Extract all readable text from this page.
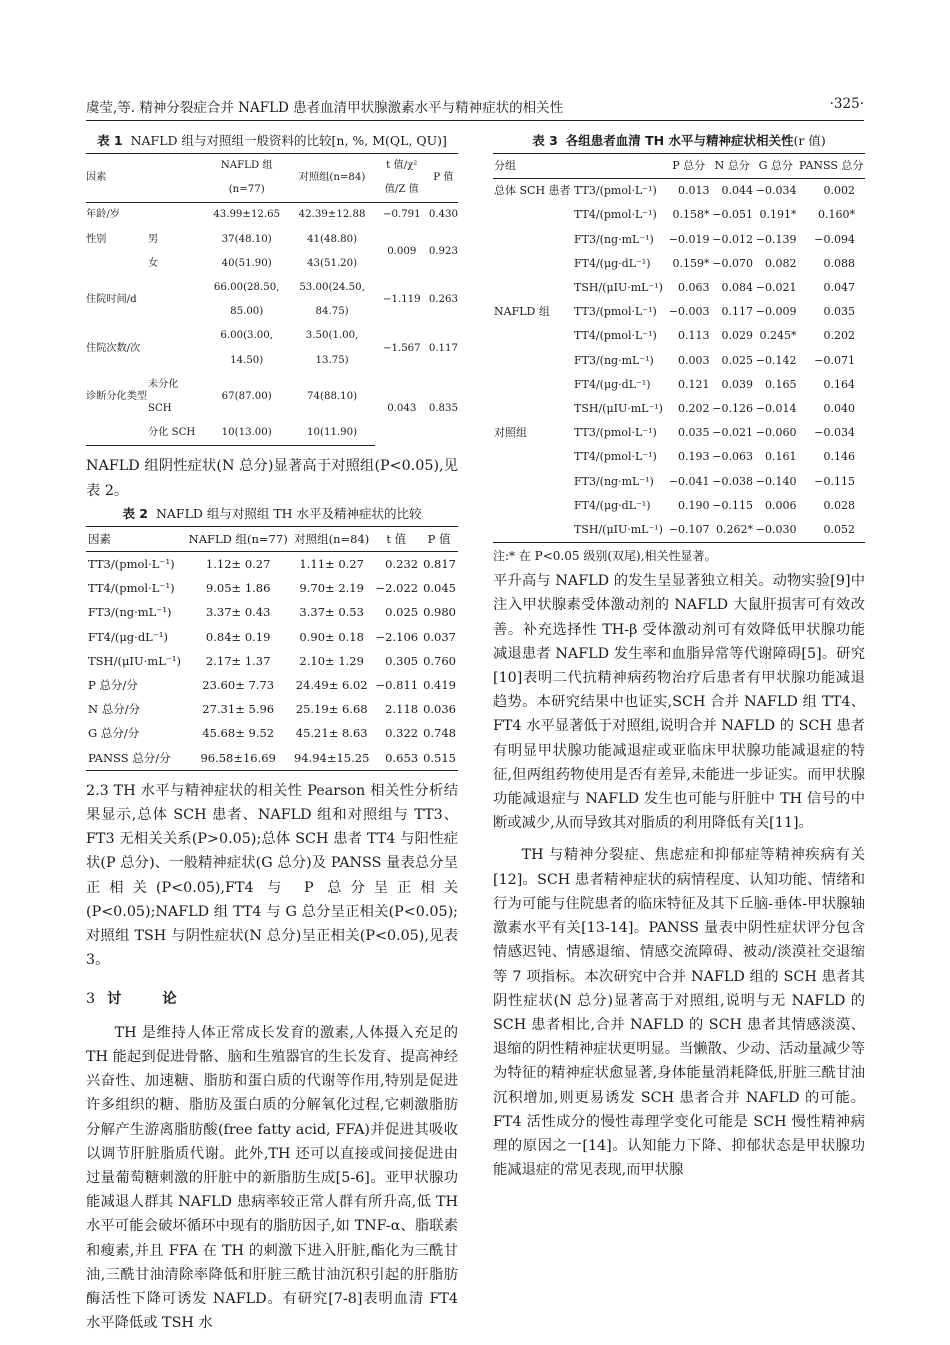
虞莹,等. 精神分裂症合并 NAFLD 患者血清甲状腺激素水平与精神症状的相关性	·325·
表 1 NAFLD 组与对照组一般资料的比较[n, %, M(QL, QU)]
因素		NAFLD 组(n=77)	对照组(n=84)	t 值/χ² 值/Z 值	P 值
年龄/岁		43.99±12.65	42.39±12.88	−0.791	0.430
性别	男	37(48.10)	41(48.80)	0.009	0.923
	女	40(51.90)	43(51.20)		
住院时间/d		66.00(28.50, 85.00)	53.00(24.50, 84.75)	−1.119	0.263
住院次数/次		6.00(3.00, 14.50)	3.50(1.00, 13.75)	−1.567	0.117
诊断分化类型	未分化 SCH	67(87.00)	74(88.10)	0.043	0.835
	分化 SCH	10(13.00)	10(11.90)		

NAFLD 组阴性症状(N 总分)显著高于对照组(P<0.05),见表 2。

表 2 NAFLD 组与对照组 TH 水平及精神症状的比较
因素	NAFLD 组(n=77)	对照组(n=84)	t 值	P 值
TT3/(pmol·L⁻¹)	1.12± 0.27	1.11± 0.27	0.232	0.817
TT4/(pmol·L⁻¹)	9.05± 1.86	9.70± 2.19	−2.022	0.045
FT3/(ng·mL⁻¹)	3.37± 0.43	3.37± 0.53	0.025	0.980
FT4/(μg·dL⁻¹)	0.84± 0.19	0.90± 0.18	−2.106	0.037
TSH/(μIU·mL⁻¹)	2.17± 1.37	2.10± 1.29	0.305	0.760
P 总分/分	23.60± 7.73	24.49± 6.02	−0.811	0.419
N 总分/分	27.31± 5.96	25.19± 6.68	2.118	0.036
G 总分/分	45.68± 9.52	45.21± 8.63	0.322	0.748
PANSS 总分/分	96.58±16.69	94.94±15.25	0.653	0.515

2.3 TH 水平与精神症状的相关性 Pearson 相关性分析结果显示,总体 SCH 患者、NAFLD 组和对照组与 TT3、FT3 无相关关系(P>0.05);总体 SCH 患者 TT4 与阳性症状(P 总分)、一般精神症状(G 总分)及 PANSS 量表总分呈正相关(P<0.05),FT4 与 P 总分呈正相关(P<0.05);NAFLD 组 TT4 与 G 总分呈正相关(P<0.05);对照组 TSH 与阴性症状(N 总分)呈正相关(P<0.05),见表 3。

3 讨 论

TH 是维持人体正常成长发育的激素,人体摄入充足的 TH 能起到促进骨骼、脑和生殖器官的生长发育、提高神经兴奋性、加速糖、脂肪和蛋白质的代谢等作用,特别是促进许多组织的糖、脂肪及蛋白质的分解氧化过程,它刺激脂肪分解产生游离脂肪酸(free fatty acid, FFA)并促进其吸收以调节肝脏脂质代谢。此外,TH 还可以直接或间接促进由过量葡萄糖刺激的肝脏中的新脂肪生成[5-6]。亚甲状腺功能减退人群其 NAFLD 患病率较正常人群有所升高,低 TH 水平可能会破坏循环中现有的脂肪因子,如 TNF-α、脂联素和瘦素,并且 FFA 在 TH 的刺激下进入肝脏,酯化为三酰甘油,三酰甘油清除率降低和肝脏三酰甘油沉积引起的肝脂肪酶活性下降可诱发 NAFLD。有研究[7-8]表明血清 FT4 水平降低或 TSH 水

表 3 各组患者血清 TH 水平与精神症状相关性(r 值)
分组		P 总分	N 总分	G 总分	PANSS 总分
总体 SCH 患者	TT3/(pmol·L⁻¹)	0.013	0.044	−0.034	0.002
	TT4/(pmol·L⁻¹)	0.158*	−0.051	0.191*	0.160*
	FT3/(ng·mL⁻¹)	−0.019	−0.012	−0.139	−0.094
	FT4/(μg·dL⁻¹)	0.159*	−0.070	0.082	0.088
	TSH/(μIU·mL⁻¹)	0.063	0.084	−0.021	0.047
NAFLD 组	TT3/(pmol·L⁻¹)	−0.003	0.117	−0.009	0.035
	TT4/(pmol·L⁻¹)	0.113	0.029	0.245*	0.202
	FT3/(ng·mL⁻¹)	0.003	0.025	−0.142	−0.071
	FT4/(μg·dL⁻¹)	0.121	0.039	0.165	0.164
	TSH/(μIU·mL⁻¹)	0.202	−0.126	−0.014	0.040
对照组	TT3/(pmol·L⁻¹)	0.035	−0.021	−0.060	−0.034
	TT4/(pmol·L⁻¹)	0.193	−0.063	0.161	0.146
	FT3/(ng·mL⁻¹)	−0.041	−0.038	−0.140	−0.115
	FT4/(μg·dL⁻¹)	0.190	−0.115	0.006	0.028
	TSH/(μIU·mL⁻¹)	−0.107	0.262*	−0.030	0.052
注:* 在 P<0.05 级别(双尾),相关性显著。

平升高与 NAFLD 的发生呈显著独立相关。动物实验[9]中注入甲状腺素受体激动剂的 NAFLD 大鼠肝损害可有效改善。补充选择性 TH-β 受体激动剂可有效降低甲状腺功能减退患者 NAFLD 发生率和血脂异常等代谢障碍[5]。研究[10]表明二代抗精神病药物治疗后患者有甲状腺功能减退趋势。本研究结果中也证实,SCH 合并 NAFLD 组 TT4、FT4 水平显著低于对照组,说明合并 NAFLD 的 SCH 患者有明显甲状腺功能减退症或亚临床甲状腺功能减退症的特征,但两组药物使用是否有差异,未能进一步证实。而甲状腺功能减退症与 NAFLD 发生也可能与肝脏中 TH 信号的中断或减少,从而导致其对脂质的利用降低有关[11]。

TH 与精神分裂症、焦虑症和抑郁症等精神疾病有关[12]。SCH 患者精神症状的病情程度、认知功能、情绪和行为可能与住院患者的临床特征及其下丘脑-垂体-甲状腺轴激素水平有关[13-14]。PANSS 量表中阴性症状评分包含情感迟钝、情感退缩、情感交流障碍、被动/淡漠社交退缩等 7 项指标。本次研究中合并 NAFLD 组的 SCH 患者其阴性症状(N 总分)显著高于对照组,说明与无 NAFLD 的 SCH 患者相比,合并 NAFLD 的 SCH 患者其情感淡漠、退缩的阴性精神症状更明显。当懒散、少动、活动量减少等为特征的精神症状愈显著,身体能量消耗降低,肝脏三酰甘油沉积增加,则更易诱发 SCH 患者合并 NAFLD 的可能。FT4 活性成分的慢性毒理学变化可能是 SCH 慢性精神病理的原因之一[14]。认知能力下降、抑郁状态是甲状腺功能减退症的常见表现,而甲状腺
